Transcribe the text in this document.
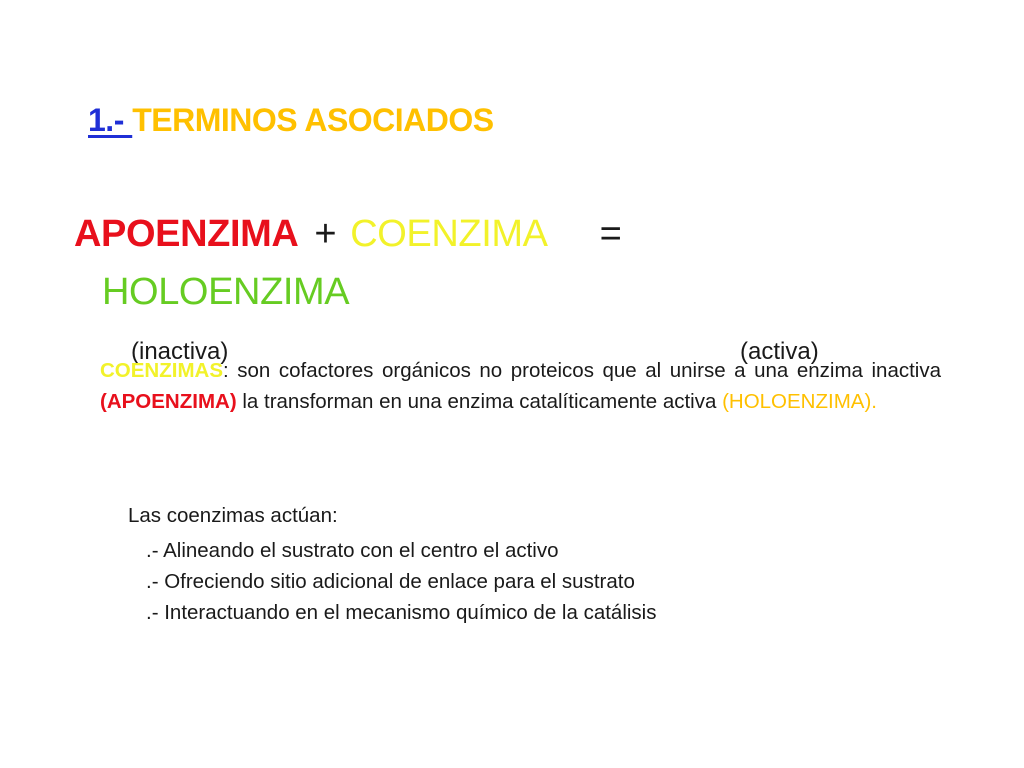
1.- TERMINOS ASOCIADOS
APOENZIMA + COENZIMA =
HOLOENZIMA
(inactiva)	(activa)

COENZIMAS: son cofactores orgánicos no proteicos que al unirse a una enzima inactiva (APOENZIMA) la transforman en una enzima catalíticamente activa (HOLOENZIMA).

Las coenzimas actúan:
.- Alineando el sustrato con el centro el activo
.- Ofreciendo sitio adicional de enlace para el sustrato
.- Interactuando en el mecanismo químico de la catálisis
